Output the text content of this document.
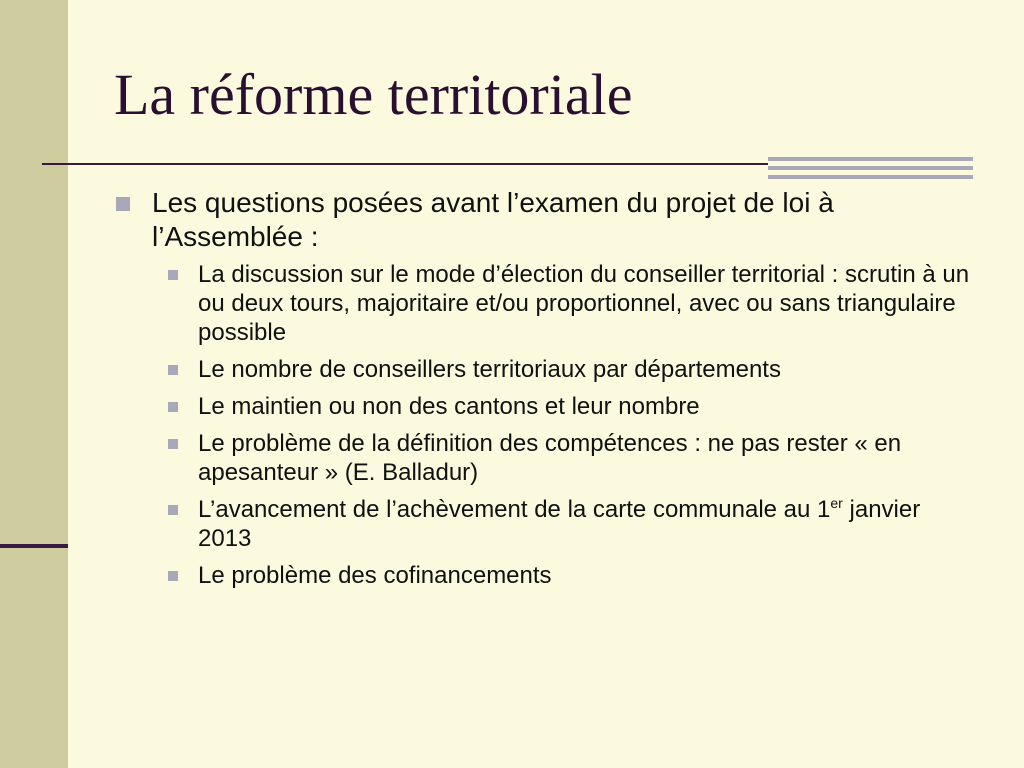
La réforme territoriale
Les questions posées avant l’examen du projet de loi à l’Assemblée :
La discussion sur le mode d’élection du conseiller territorial : scrutin à un ou deux tours, majoritaire et/ou proportionnel, avec ou sans triangulaire possible
Le nombre de conseillers territoriaux par départements
Le maintien ou non des cantons et leur nombre
Le problème de la définition des compétences : ne pas rester « en apesanteur » (E. Balladur)
L’avancement de l’achèvement de la carte communale au 1er janvier 2013
Le problème des cofinancements
